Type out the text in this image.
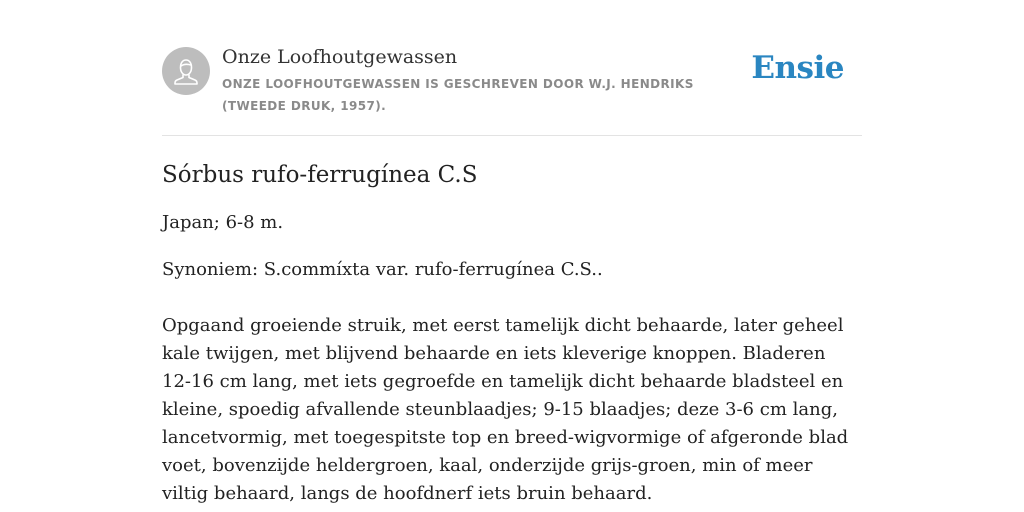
Onze Loofhoutgewassen
ONZE LOOFHOUTGEWASSEN IS GESCHREVEN DOOR W.J. HENDRIKS (TWEEDE DRUK, 1957).
Ensie
Sórbus rufo-ferrugínea C.S

Japan; 6-8 m.

Synoniem: S.commíxta var. rufo-ferrugínea C.S..

Opgaand groeiende struik, met eerst tamelijk dicht behaarde, later geheel kale twijgen, met blijvend behaarde en iets kleverige knoppen. Bladeren 12-16 cm lang, met iets gegroefde en tamelijk dicht behaarde bladsteel en kleine, spoedig afvallende steunblaadjes; 9-15 blaadjes; deze 3-6 cm lang, lancetvormig, met toegespitste top en breed-wigvormige of afgeronde blad voet, bovenzijde heldergroen, kaal, onderzijde grijs-groen, min of meer viltig behaard, langs de hoofdnerf iets bruin behaard.
